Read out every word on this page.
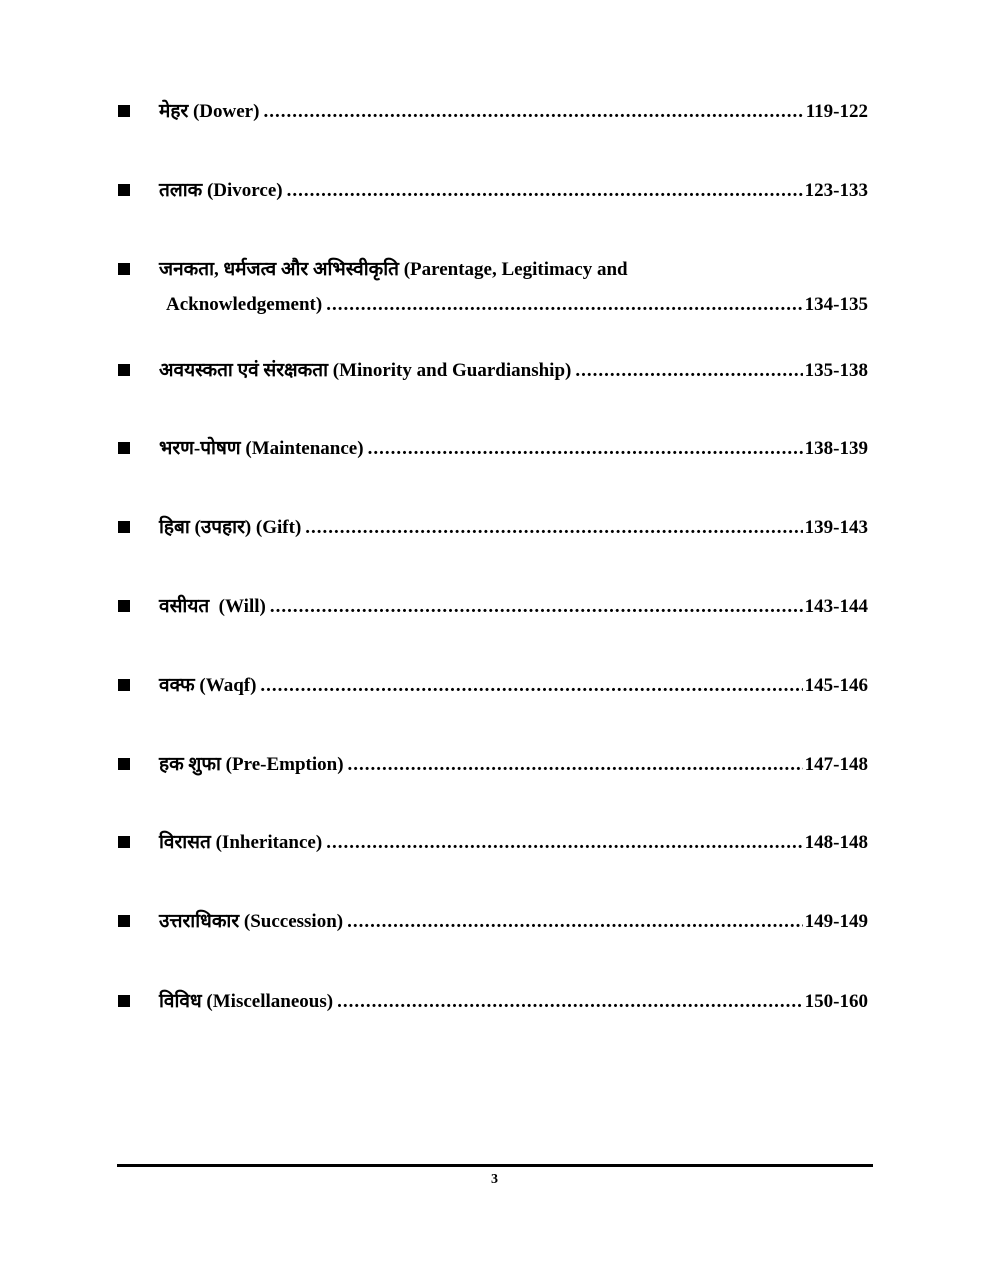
मेहर (Dower) .....	119-122
तलाक (Divorce) .....	123-133
जनकता, धर्मजत्व और अभिस्वीकृति (Parentage, Legitimacy and
Acknowledgement) .....	134-135
अवयस्कता एवं संरक्षकता (Minority and Guardianship) .....	135-138
भरण-पोषण (Maintenance) .....	138-139
हिबा (उपहार) (Gift) .....	139-143
वसीयत  (Will) .....	143-144
वक्फ (Waqf) .....	145-146
हक शुफा (Pre-Emption) .....	147-148
विरासत (Inheritance) .....	148-148
उत्तराधिकार (Succession) .....	149-149
विविध (Miscellaneous) .....	150-160
3
